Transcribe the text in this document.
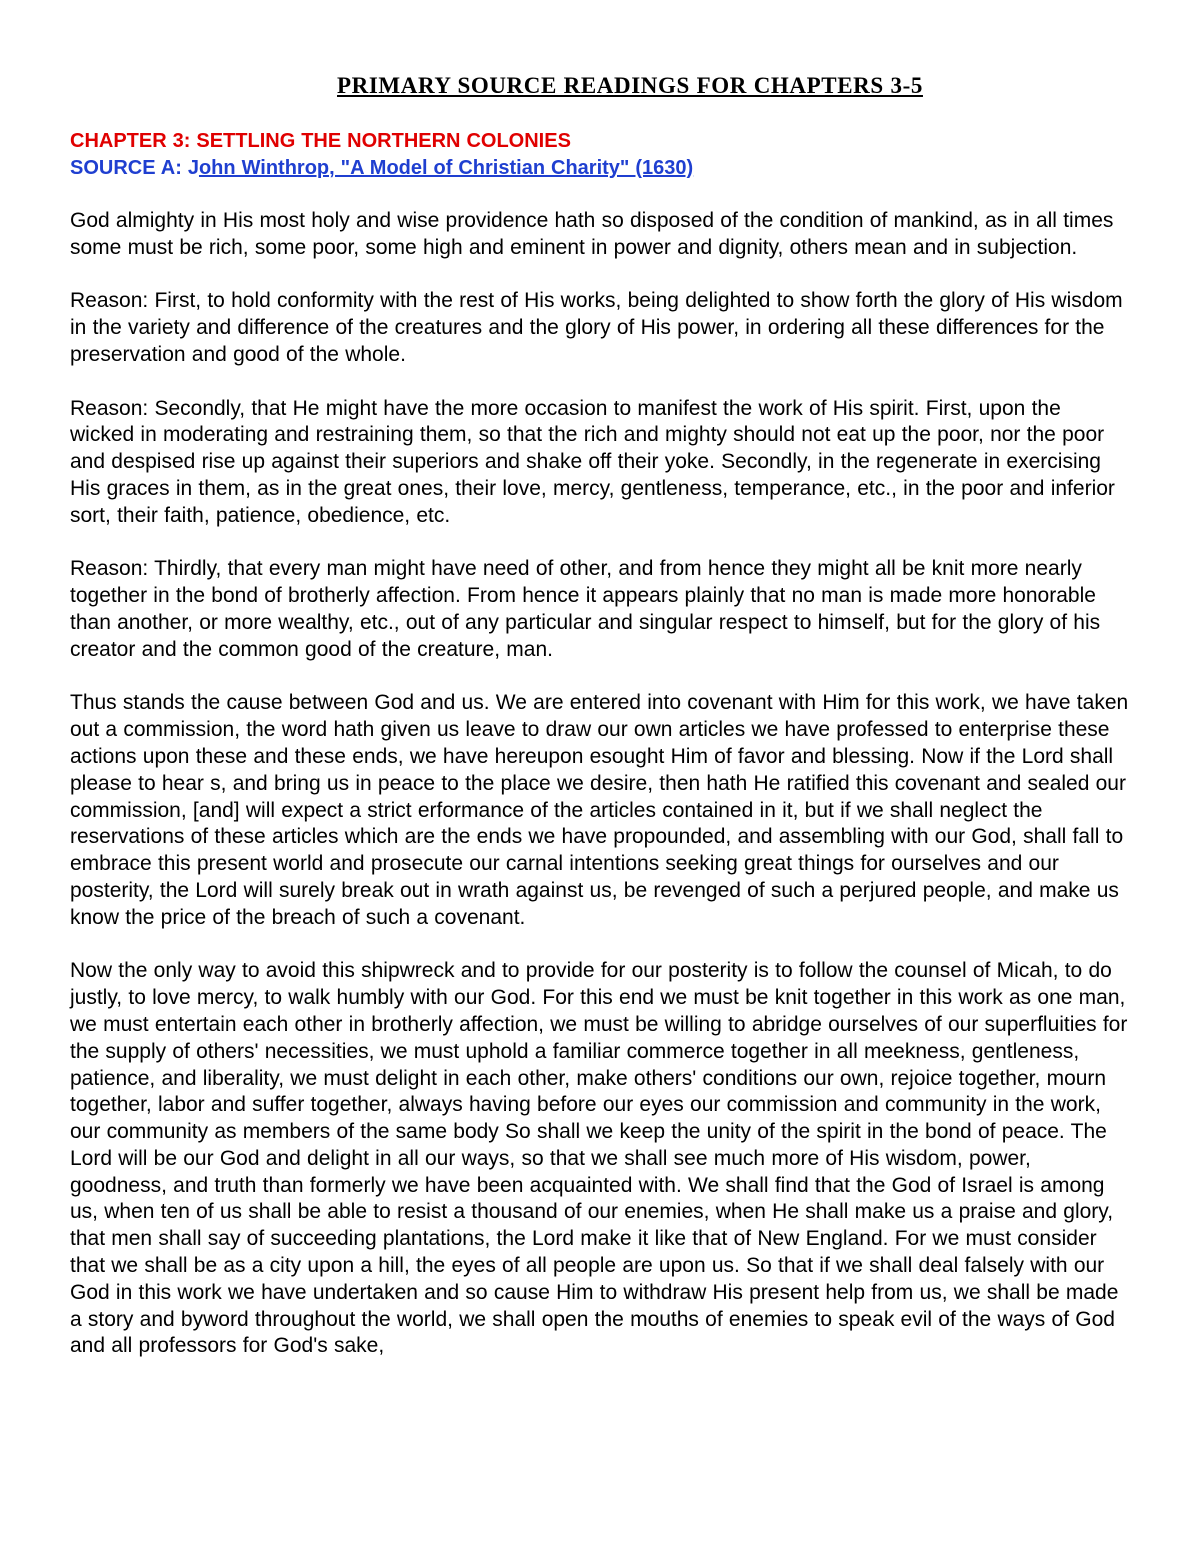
PRIMARY SOURCE READINGS FOR CHAPTERS 3-5
CHAPTER 3: SETTLING THE NORTHERN COLONIES
SOURCE A: John Winthrop, "A Model of Christian Charity" (1630)
God almighty in His most holy and wise providence hath so disposed of the condition of mankind, as in all times some must be rich, some poor, some high and eminent in power and dignity, others mean and in subjection.
Reason: First, to hold conformity with the rest of His works, being delighted to show forth the glory of His wisdom in the variety and difference of the creatures and the glory of His power, in ordering all these differences for the preservation and good of the whole.
Reason: Secondly, that He might have the more occasion to manifest the work of His spirit. First, upon the wicked in moderating and restraining them, so that the rich and mighty should not eat up the poor, nor the poor and despised rise up against their superiors and shake off their yoke. Secondly, in the regenerate in exercising His graces in them, as in the great ones, their love, mercy, gentleness, temperance, etc., in the poor and inferior sort, their faith, patience, obedience, etc.
Reason: Thirdly, that every man might have need of other, and from hence they might all be knit more nearly together in the bond of brotherly affection. From hence it appears plainly that no man is made more honorable than another, or more wealthy, etc., out of any particular and singular respect to himself, but for the glory of his creator and the common good of the creature, man.
Thus stands the cause between God and us. We are entered into covenant with Him for this work, we have taken out a commission, the word hath given us leave to draw our own articles we have professed to enterprise these actions upon these and these ends, we have hereupon esought Him of favor and blessing. Now if the Lord shall please to hear s, and bring us in peace to the place we desire, then hath He ratified this covenant and sealed our commission, [and] will expect a strict erformance of the articles contained in it, but if we shall neglect the reservations of these articles which are the ends we have propounded, and assembling with our God, shall fall to embrace this present world and prosecute our carnal intentions seeking great things for ourselves and our posterity, the Lord will surely break out in wrath against us, be revenged of such a perjured people, and make us know the price of the breach of such a covenant.
Now the only way to avoid this shipwreck and to provide for our posterity is to follow the counsel of Micah, to do justly, to love mercy, to walk humbly with our God. For this end we must be knit together in this work as one man, we must entertain each other in brotherly affection, we must be willing to abridge ourselves of our superfluities for the supply of others' necessities, we must uphold a familiar commerce together in all meekness, gentleness, patience, and liberality, we must delight in each other, make others' conditions our own, rejoice together, mourn together, labor and suffer together, always having before our eyes our commission and community in the work, our community as members of the same body So shall we keep the unity of the spirit in the bond of peace. The Lord will be our God and delight in all our ways, so that we shall see much more of His wisdom, power, goodness, and truth than formerly we have been acquainted with. We shall find that the God of Israel is among us, when ten of us shall be able to resist a thousand of our enemies, when He shall make us a praise and glory, that men shall say of succeeding plantations, the Lord make it like that of New England. For we must consider that we shall be as a city upon a hill, the eyes of all people are upon us. So that if we shall deal falsely with our God in this work we have undertaken and so cause Him to withdraw His present help from us, we shall be made a story and byword throughout the world, we shall open the mouths of enemies to speak evil of the ways of God and all professors for God's sake,
